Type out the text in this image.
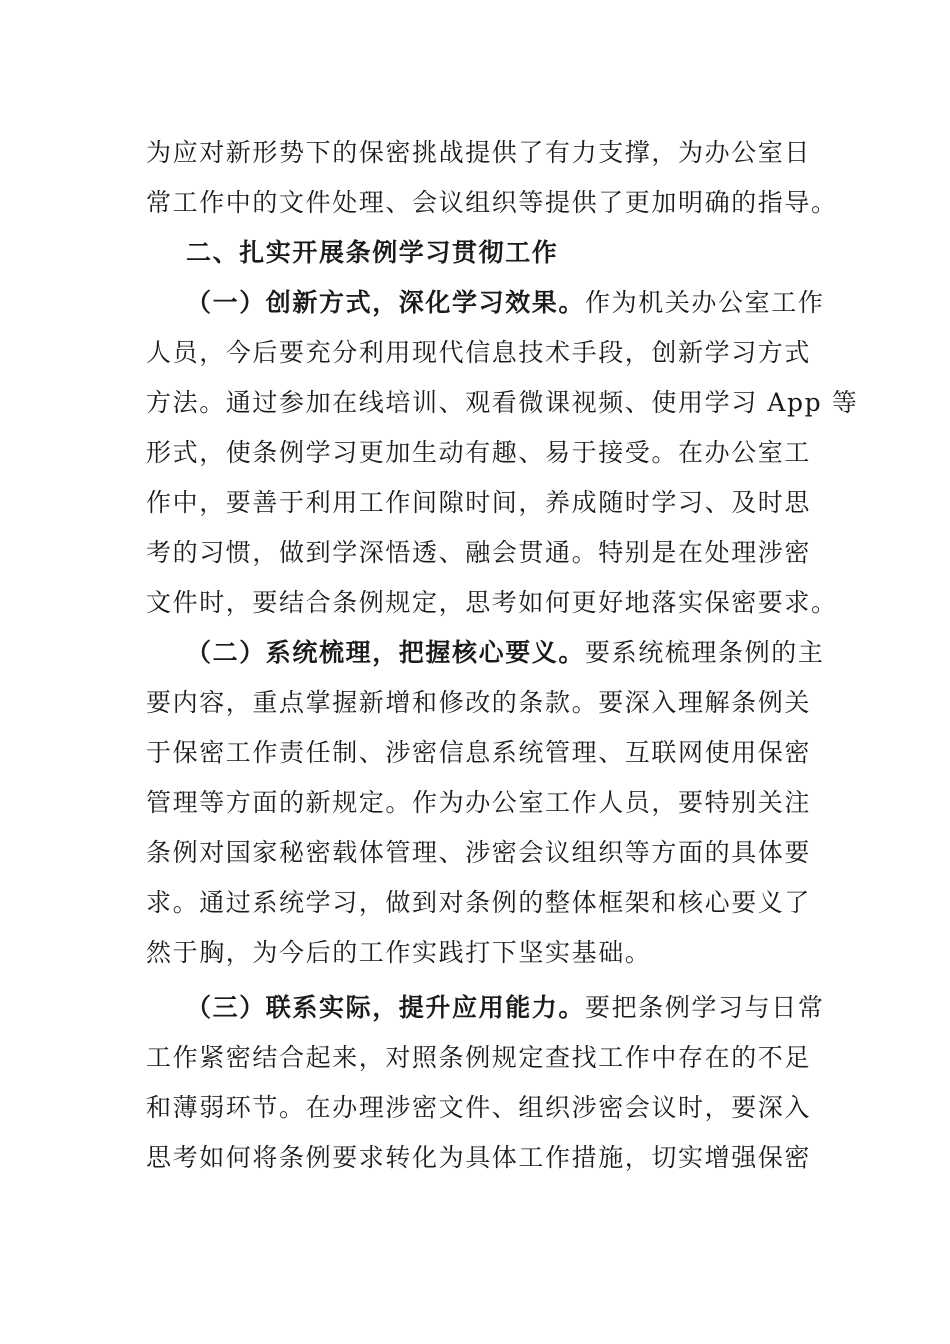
为应对新形势下的保密挑战提供了有力支撑，为办公室日
常工作中的文件处理、会议组织等提供了更加明确的指导。
二、扎实开展条例学习贯彻工作
（一）创新方式，深化学习效果。作为机关办公室工作
人员，今后要充分利用现代信息技术手段，创新学习方式
方法。通过参加在线培训、观看微课视频、使用学习 App 等
形式，使条例学习更加生动有趣、易于接受。在办公室工
作中，要善于利用工作间隙时间，养成随时学习、及时思
考的习惯，做到学深悟透、融会贯通。特别是在处理涉密
文件时，要结合条例规定，思考如何更好地落实保密要求。
（二）系统梳理，把握核心要义。要系统梳理条例的主
要内容，重点掌握新增和修改的条款。要深入理解条例关
于保密工作责任制、涉密信息系统管理、互联网使用保密
管理等方面的新规定。作为办公室工作人员，要特别关注
条例对国家秘密载体管理、涉密会议组织等方面的具体要
求。通过系统学习，做到对条例的整体框架和核心要义了
然于胸，为今后的工作实践打下坚实基础。
（三）联系实际，提升应用能力。要把条例学习与日常
工作紧密结合起来，对照条例规定查找工作中存在的不足
和薄弱环节。在办理涉密文件、组织涉密会议时，要深入
思考如何将条例要求转化为具体工作措施，切实增强保密
